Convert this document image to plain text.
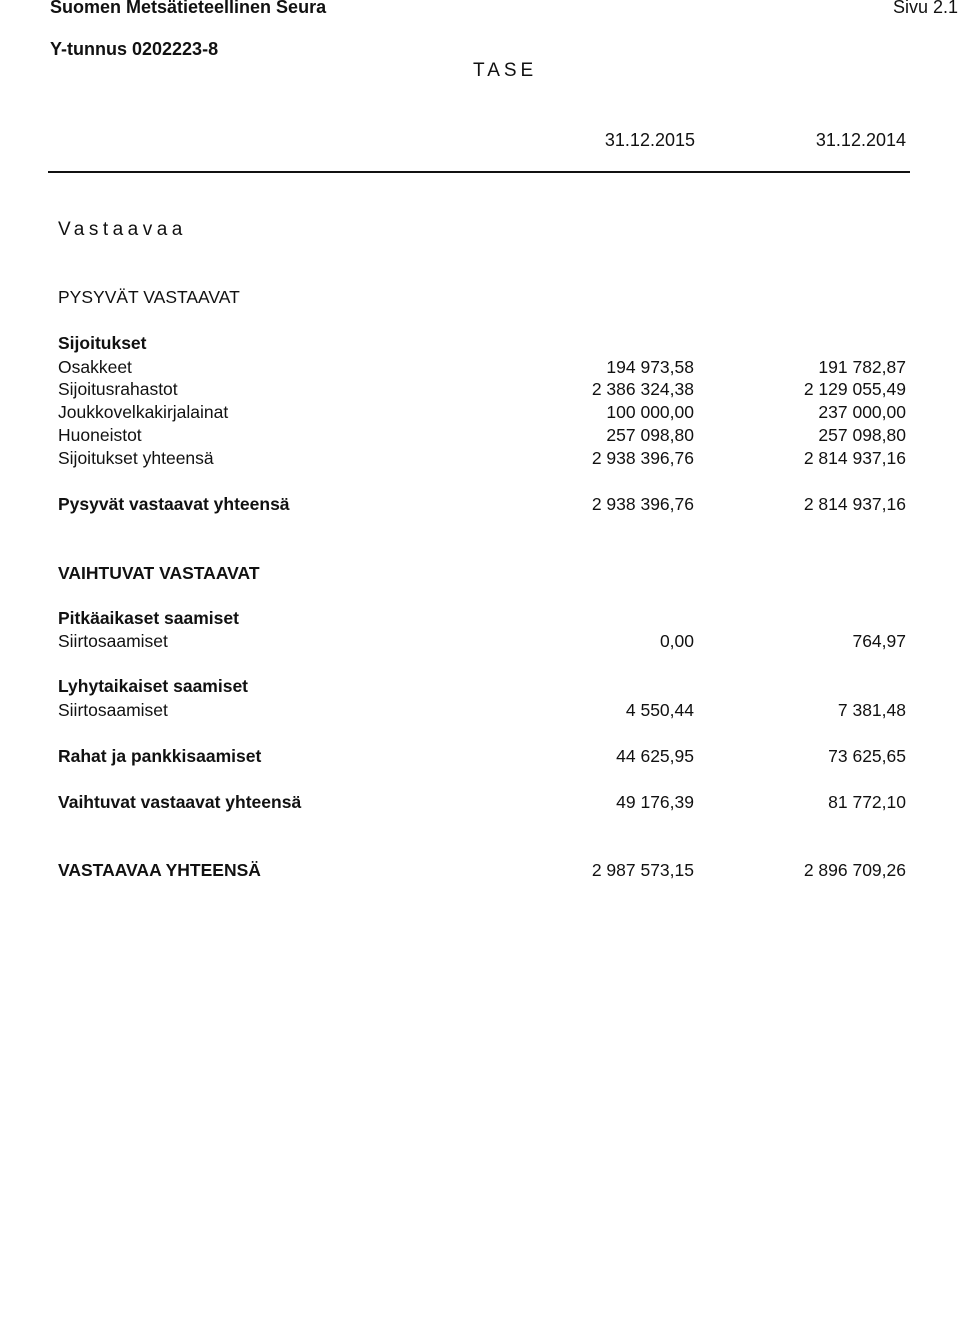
Suomen Metsätieteellinen Seura	Sivu 2.1
Y-tunnus 0202223-8
TASE
31.12.2015	31.12.2014
Vastaavaa
PYSYVÄT VASTAAVAT
Sijoitukset
Osakkeet	194 973,58	191 782,87
Sijoitusrahastot	2 386 324,38	2 129 055,49
Joukkovelkakirjalainat	100 000,00	237 000,00
Huoneistot	257 098,80	257 098,80
Sijoitukset yhteensä	2 938 396,76	2 814 937,16
Pysyvät vastaavat yhteensä	2 938 396,76	2 814 937,16
VAIHTUVAT VASTAAVAT
Pitkäaikaset saamiset
Siirtosaamiset	0,00	764,97
Lyhytaikaiset saamiset
Siirtosaamiset	4 550,44	7 381,48
Rahat ja pankkisaamiset	44 625,95	73 625,65
Vaihtuvat vastaavat yhteensä	49 176,39	81 772,10
VASTAAVAA YHTEENSÄ	2 987 573,15	2 896 709,26
